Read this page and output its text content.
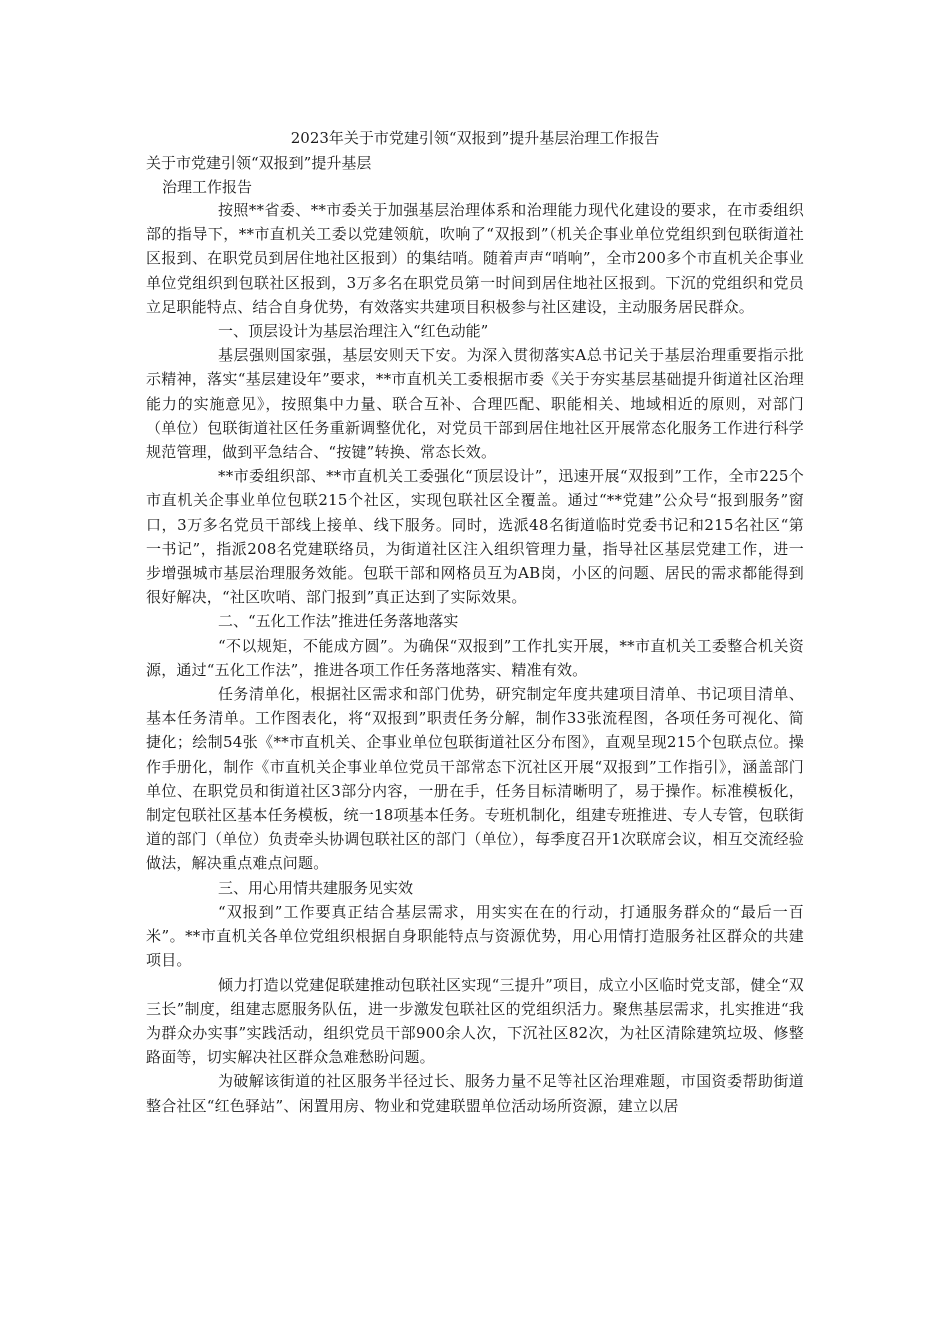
2023年关于市党建引领“双报到”提升基层治理工作报告
关于市党建引领“双报到”提升基层
治理工作报告

按照**省委、**市委关于加强基层治理体系和治理能力现代化建设的要求，在市委组织部的指导下，**市直机关工委以党建领航，吹响了“双报到”（机关企事业单位党组织到包联街道社区报到、在职党员到居住地社区报到）的集结哨。随着声声“哨响”，全市200多个市直机关企事业单位党组织到包联社区报到，3万多名在职党员第一时间到居住地社区报到。下沉的党组织和党员立足职能特点、结合自身优势，有效落实共建项目积极参与社区建设，主动服务居民群众。

一、顶层设计为基层治理注入“红色动能”

基层强则国家强，基层安则天下安。为深入贯彻落实A总书记关于基层治理重要指示批示精神，落实“基层建设年”要求，**市直机关工委根据市委《关于夯实基层基础提升街道社区治理能力的实施意见》，按照集中力量、联合互补、合理匹配、职能相关、地域相近的原则，对部门（单位）包联街道社区任务重新调整优化，对党员干部到居住地社区开展常态化服务工作进行科学规范管理，做到平急结合、“按键”转换、常态长效。

**市委组织部、**市直机关工委强化“顶层设计”，迅速开展“双报到”工作，全市225个市直机关企事业单位包联215个社区，实现包联社区全覆盖。通过“**党建”公众号“报到服务”窗口，3万多名党员干部线上接单、线下服务。同时，选派48名街道临时党委书记和215名社区“第一书记”，指派208名党建联络员，为街道社区注入组织管理力量，指导社区基层党建工作，进一步增强城市基层治理服务效能。包联干部和网格员互为AB岗，小区的问题、居民的需求都能得到很好解决，“社区吹哨、部门报到”真正达到了实际效果。

二、“五化工作法”推进任务落地落实

“不以规矩，不能成方圆”。为确保“双报到”工作扎实开展，**市直机关工委整合机关资源，通过“五化工作法”，推进各项工作任务落地落实、精准有效。

任务清单化，根据社区需求和部门优势，研究制定年度共建项目清单、书记项目清单、基本任务清单。工作图表化，将“双报到”职责任务分解，制作33张流程图，各项任务可视化、简捷化；绘制54张《**市直机关、企事业单位包联街道社区分布图》，直观呈现215个包联点位。操作手册化，制作《市直机关企事业单位党员干部常态下沉社区开展“双报到”工作指引》，涵盖部门单位、在职党员和街道社区3部分内容，一册在手，任务目标清晰明了，易于操作。标准模板化，制定包联社区基本任务模板，统一18项基本任务。专班机制化，组建专班推进、专人专管，包联街道的部门（单位）负责牵头协调包联社区的部门（单位），每季度召开1次联席会议，相互交流经验做法，解决重点难点问题。

三、用心用情共建服务见实效

“双报到”工作要真正结合基层需求，用实实在在的行动，打通服务群众的“最后一百米”。**市直机关各单位党组织根据自身职能特点与资源优势，用心用情打造服务社区群众的共建项目。

倾力打造以党建促联建推动包联社区实现“三提升”项目，成立小区临时党支部，健全“双三长”制度，组建志愿服务队伍，进一步激发包联社区的党组织活力。聚焦基层需求，扎实推进“我为群众办实事”实践活动，组织党员干部900余人次，下沉社区82次，为社区清除建筑垃圾、修整路面等，切实解决社区群众急难愁盼问题。

为破解该街道的社区服务半径过长、服务力量不足等社区治理难题，市国资委帮助街道整合社区“红色驿站”、闲置用房、物业和党建联盟单位活动场所资源，建立以居
